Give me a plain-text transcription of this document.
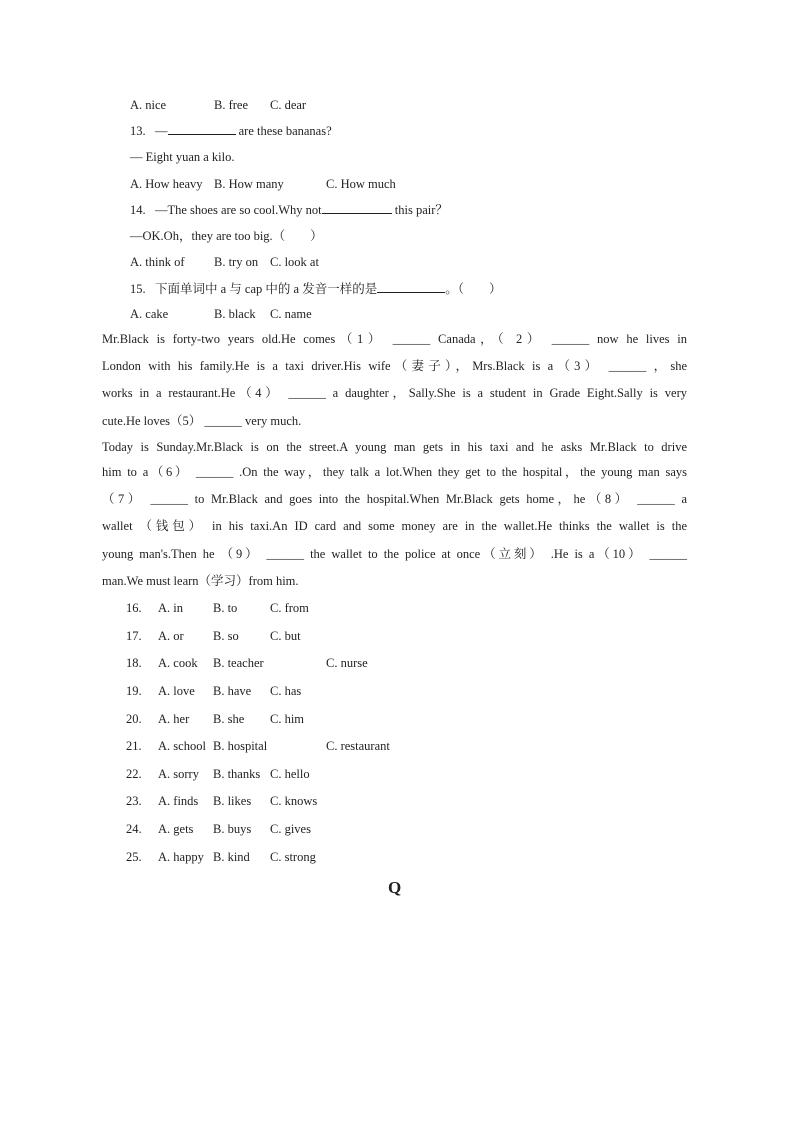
A. nice	B. free C. dear
13. —	are these bananas?
— Eight yuan a kilo.
A. How heavy B. How many	C. How much
14. —The shoes are so cool.Why not	this pair？
—OK.Oh，they are too big.（　　）
A. think of B. try on C. look at
15. 下面单词中 a 与 cap 中的 a 发音一样的是	。（　　）
A. cake	B. black C. name
Mr.Black is forty-two years old.He comes（1） ______ Canada，（ 2） ______ now he lives in
London with his family.He is a taxi driver.His wife（妻子），Mrs.Black is a（3） ______ ，she
works in a restaurant.He（4） ______ a daughter，Sally.She is a student in Grade Eight.Sally is very
cute.He loves（5） ______ very much.
Today is Sunday.Mr.Black is on the street.A young man gets in his taxi and he asks Mr.Black to drive
him to a（6） ______ .On the way，they talk a lot.When they get to the hospital，the young man says
（7） ______ to Mr.Black and goes into the hospital.When Mr.Black gets home，he（8） ______ a
wallet （钱包） in his taxi.An ID card and some money are in the wallet.He thinks the wallet is the
young man's.Then he （9） ______ the wallet to the police at once（立刻） .He is a（10） ______
man.We must learn（学习）from him.
16. A. in B. to	C. from
17. A. or B. so	C. but
18. A. cook B. teacher	C. nurse
19. A. love B. have C. has
20. A. her B. she C. him
21. A. school B. hospital	C. restaurant
22. A. sorry B. thanks C. hello
23. A. finds B. likes C. knows
24. A. gets B. buys C. gives
25. A. happy B. kind C. strong
Q
